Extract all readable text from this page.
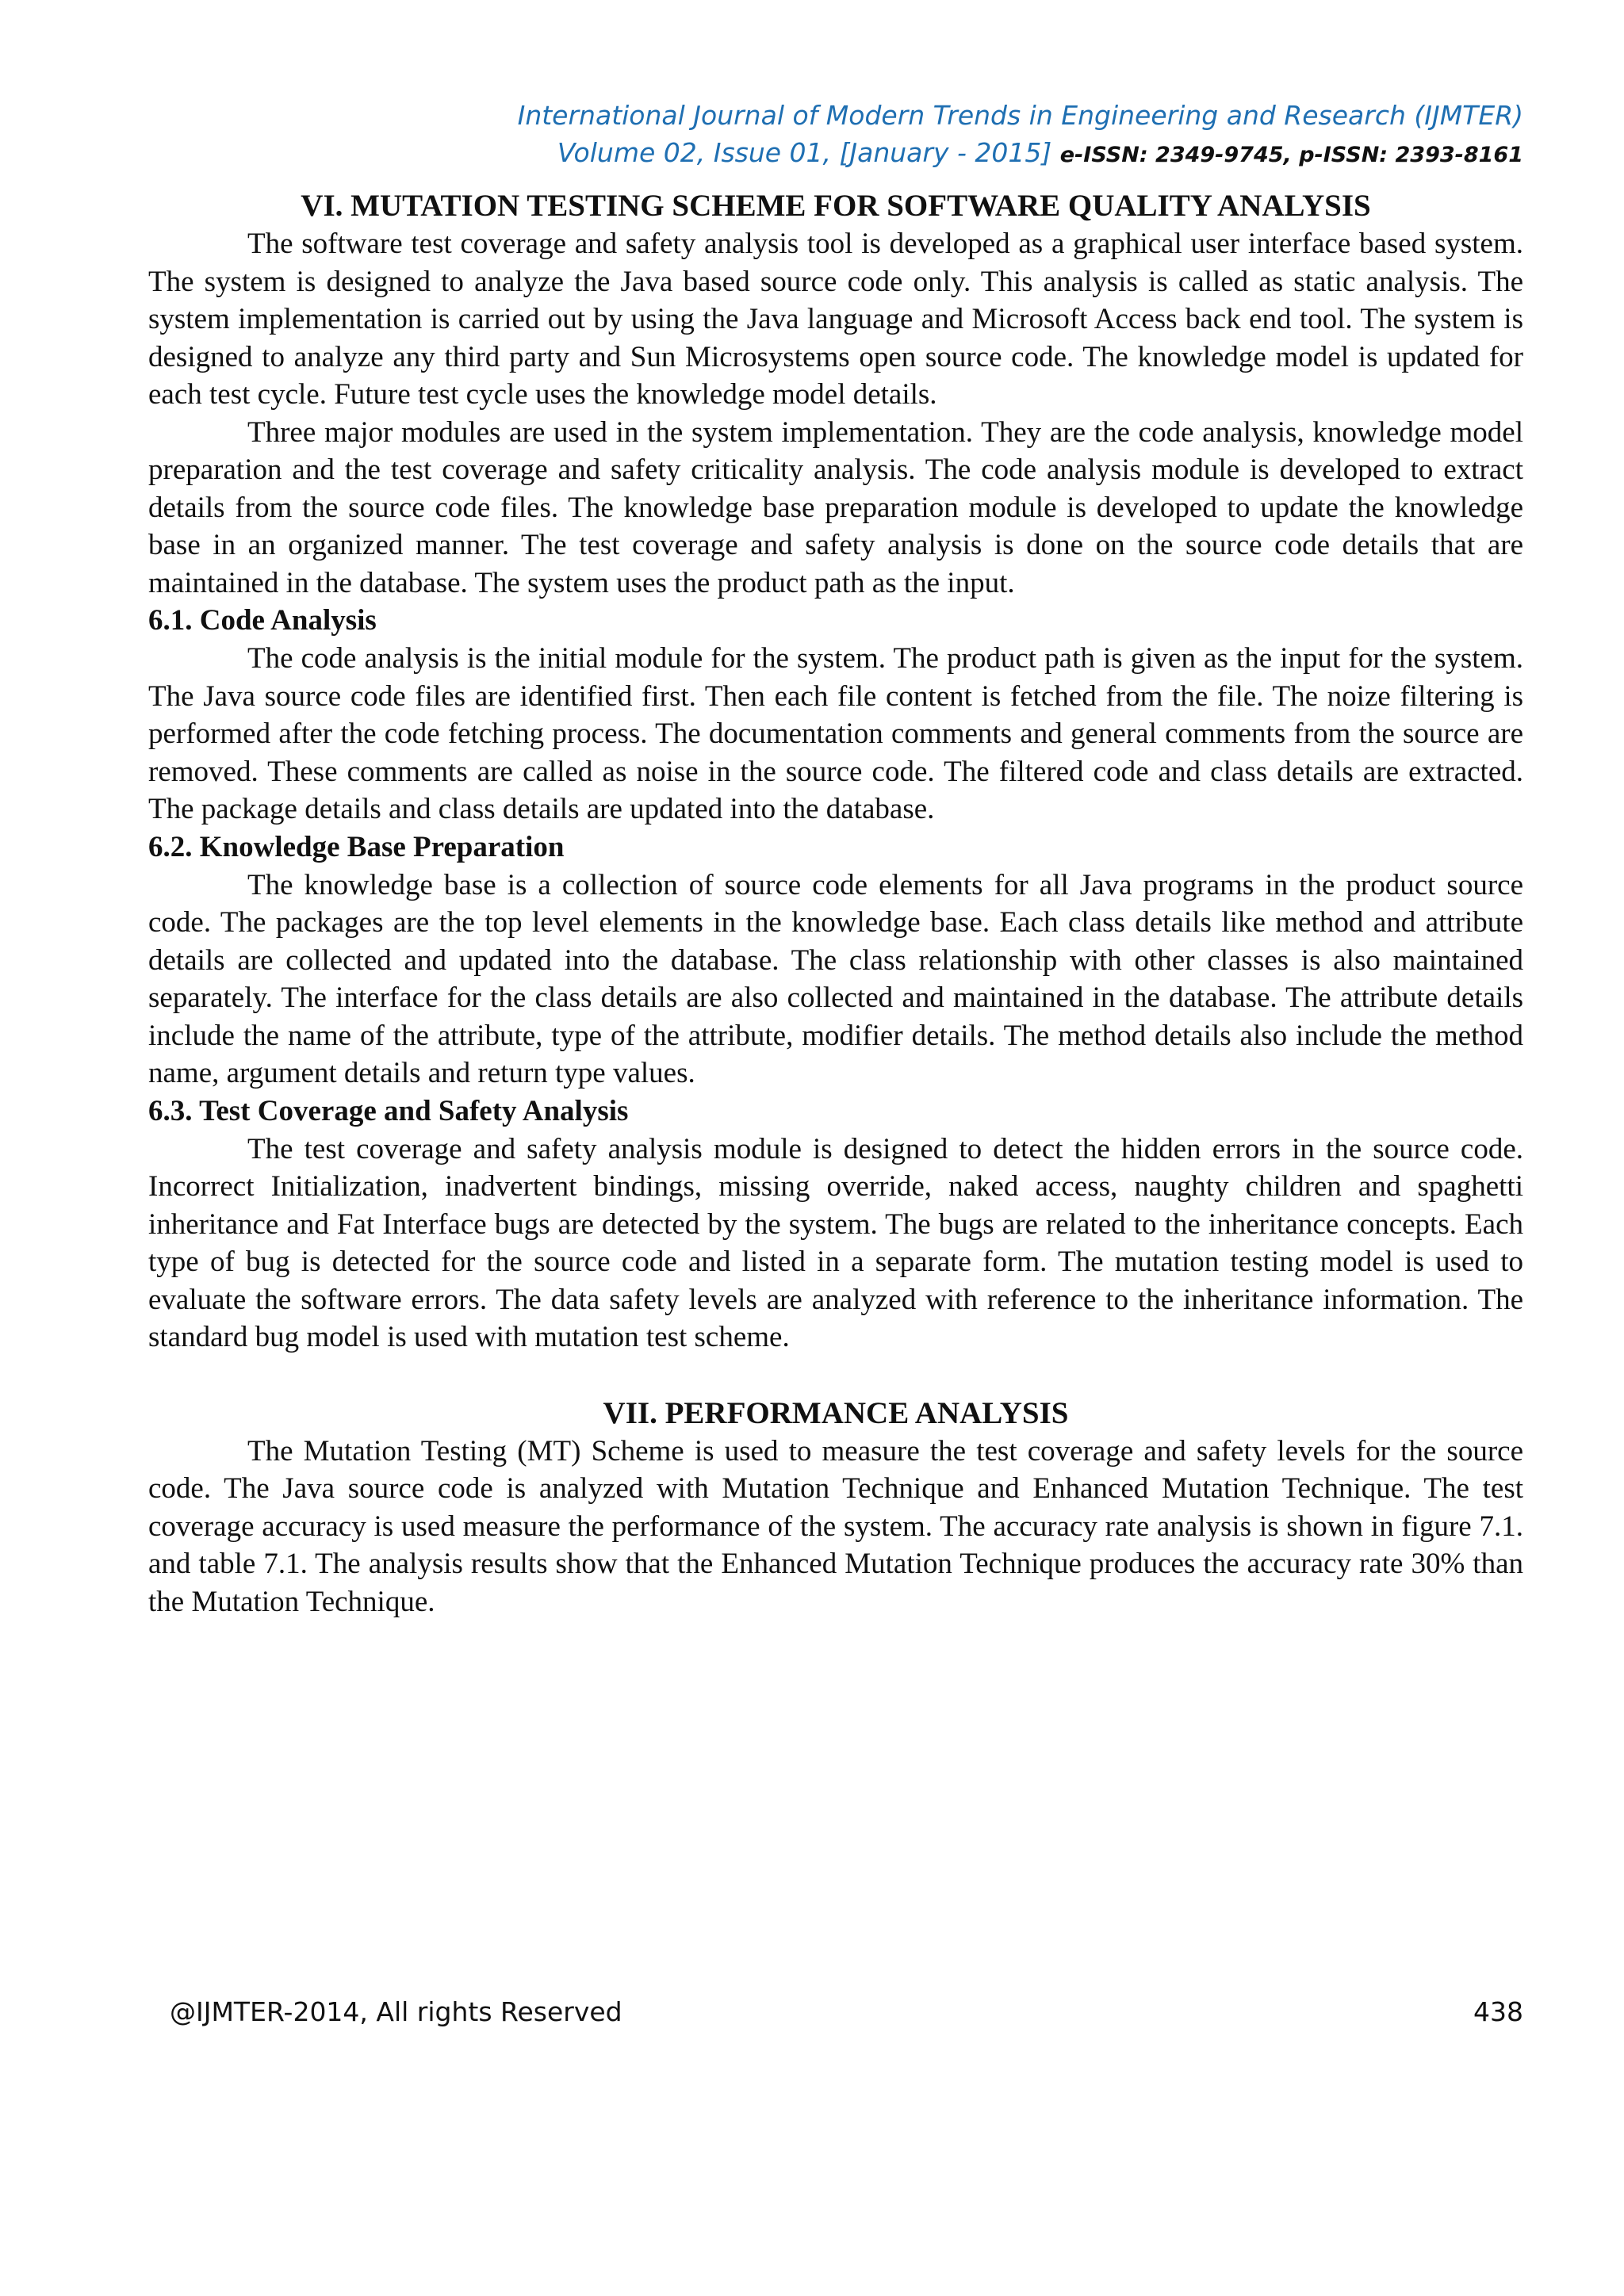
International Journal of Modern Trends in Engineering and Research (IJMTER)
Volume 02, Issue 01, [January - 2015] e-ISSN: 2349-9745, p-ISSN: 2393-8161
VI. MUTATION TESTING SCHEME FOR SOFTWARE QUALITY ANALYSIS

The software test coverage and safety analysis tool is developed as a graphical user interface based system. The system is designed to analyze the Java based source code only. This analysis is called as static analysis. The system implementation is carried out by using the Java language and Microsoft Access back end tool. The system is designed to analyze any third party and Sun Microsystems open source code. The knowledge model is updated for each test cycle. Future test cycle uses the knowledge model details.

Three major modules are used in the system implementation. They are the code analysis, knowledge model preparation and the test coverage and safety criticality analysis. The code analysis module is developed to extract details from the source code files. The knowledge base preparation module is developed to update the knowledge base in an organized manner. The test coverage and safety analysis is done on the source code details that are maintained in the database. The system uses the product path as the input.

6.1. Code Analysis

The code analysis is the initial module for the system. The product path is given as the input for the system. The Java source code files are identified first. Then each file content is fetched from the file. The noize filtering is performed after the code fetching process. The documentation comments and general comments from the source are removed. These comments are called as noise in the source code. The filtered code and class details are extracted. The package details and class details are updated into the database.

6.2. Knowledge Base Preparation

The knowledge base is a collection of source code elements for all Java programs in the product source code. The packages are the top level elements in the knowledge base. Each class details like method and attribute details are collected and updated into the database. The class relationship with other classes is also maintained separately. The interface for the class details are also collected and maintained in the database. The attribute details include the name of the attribute, type of the attribute, modifier details. The method details also include the method name, argument details and return type values.

6.3. Test Coverage and Safety Analysis

The test coverage and safety analysis module is designed to detect the hidden errors in the source code. Incorrect Initialization, inadvertent bindings, missing override, naked access, naughty children and spaghetti inheritance and Fat Interface bugs are detected by the system. The bugs are related to the inheritance concepts. Each type of bug is detected for the source code and listed in a separate form. The mutation testing model is used to evaluate the software errors. The data safety levels are analyzed with reference to the inheritance information. The standard bug model is used with mutation test scheme.

VII. PERFORMANCE ANALYSIS

The Mutation Testing (MT) Scheme is used to measure the test coverage and safety levels for the source code. The Java source code is analyzed with Mutation Technique and Enhanced Mutation Technique. The test coverage accuracy is used measure the performance of the system. The accuracy rate analysis is shown in figure 7.1. and table 7.1. The analysis results show that the Enhanced Mutation Technique produces the accuracy rate 30% than the Mutation Technique.

@IJMTER-2014, All rights Reserved	438
